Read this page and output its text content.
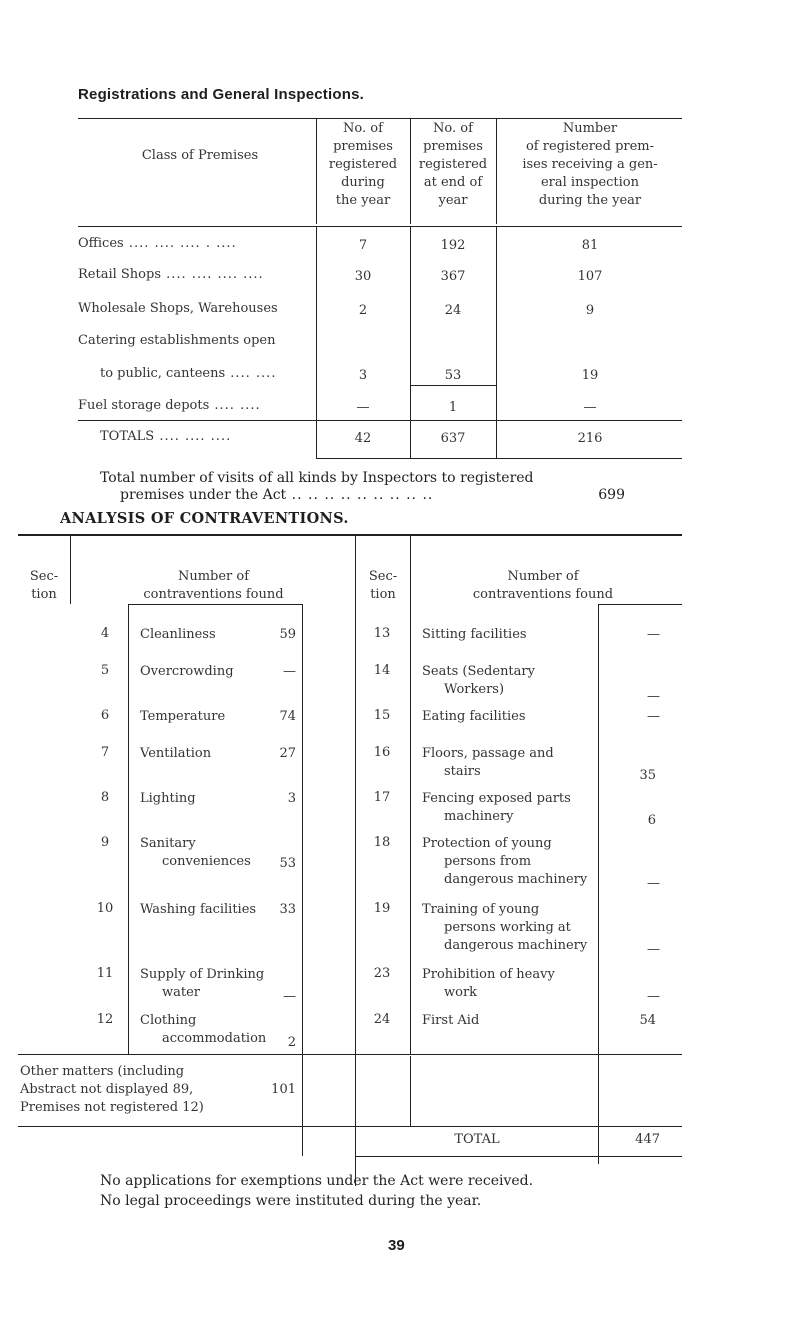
Registrations and General Inspections.
Class of Premises
No. of
premises
registered
during
the year
No. of
premises
registered
at end of
year
Number
of registered prem-
ises receiving a gen-
eral inspection
during the year
Offices .... .... .... . ....	7	192	81
Retail Shops .... .... .... ....	30	367	107
Wholesale Shops, Warehouses	2	24	9
Catering establishments open
to public, canteens .... ....	3	53	19
Fuel storage depots .... ....	—	1	—
TOTALS .... .... ....	42	637	216
Total number of visits of all kinds by Inspectors to registered
premises under the Act .. .. .. .. .. .. .. .. ..	699
ANALYSIS OF CONTRAVENTIONS.
Sec-
tion
Number of
contraventions found
Sec-
tion
Number of
contraventions found
4	Cleanliness	59
5	Overcrowding	—
6	Temperature	74
7	Ventilation	27
8	Lighting	3
9	Sanitary
conveniences	53
10	Washing facilities	33
11	Supply of Drinking
water	—
12	Clothing
accommodation	2
13	Sitting facilities	—
14	Seats (Sedentary
Workers)	—
15	Eating facilities	—
16	Floors, passage and
stairs	35
17	Fencing exposed parts
machinery	6
18	Protection of young
persons from
dangerous machinery	—
19	Training of young
persons working at
dangerous machinery	—
23	Prohibition of heavy
work	—
24	First Aid	54
Other matters (including
Abstract not displayed 89,
Premises not registered 12)
101
TOTAL	447
No applications for exemptions under the Act were received.
No legal proceedings were instituted during the year.
39
